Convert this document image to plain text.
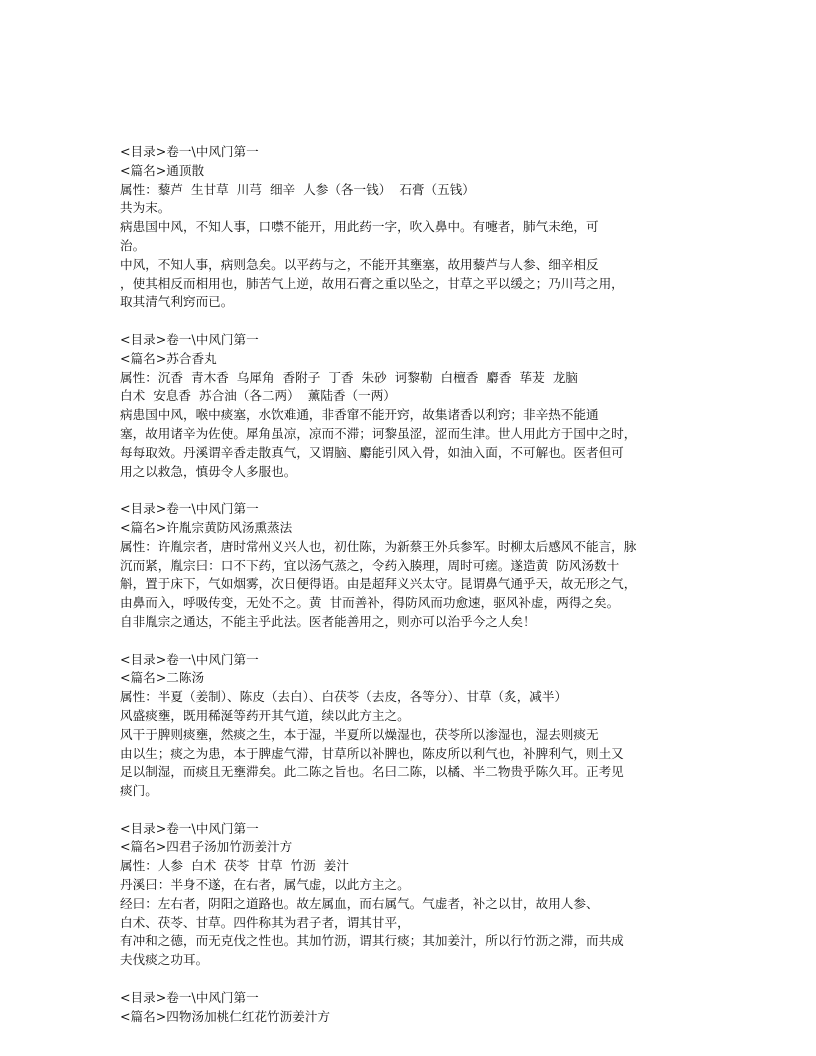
<目录>卷一\中风门第一
<篇名>通顶散
属性：藜芦  生甘草  川芎  细辛  人参（各一钱）  石膏（五钱）
共为末。
病患国中风，不知人事，口噤不能开，用此药一字，吹入鼻中。有嚏者，肺气未绝，可
治。
中风，不知人事，病则急矣。以平药与之，不能开其壅塞，故用藜芦与人参、细辛相反
，使其相反而相用也，肺苦气上逆，故用石膏之重以坠之，甘草之平以缓之；乃川芎之用，
取其清气利窍而已。
<目录>卷一\中风门第一
<篇名>苏合香丸
属性：沉香  青木香  乌犀角  香附子  丁香  朱砂  诃黎勒  白檀香  麝香  荜茇  龙脑
白术  安息香  苏合油（各二两）  薰陆香（一两）
病患国中风，喉中痰塞，水饮难通，非香窜不能开窍，故集诸香以利窍；非辛热不能通
塞，故用诸辛为佐使。犀角虽凉，凉而不滞；诃黎虽涩，涩而生津。世人用此方于国中之时，
每每取效。丹溪谓辛香走散真气，又谓脑、麝能引风入骨，如油入面，不可解也。医者但可
用之以救急，慎毋令人多服也。
<目录>卷一\中风门第一
<篇名>许胤宗黄防风汤熏蒸法
属性：许胤宗者，唐时常州义兴人也，初仕陈，为新蔡王外兵参军。时柳太后感风不能言，脉
沉而紧，胤宗曰：口不下药，宜以汤气蒸之，令药入腠理，周时可瘥。遂造黄  防风汤数十
斛，置于床下，气如烟雾，次日便得语。由是超拜义兴太守。昆谓鼻气通乎天，故无形之气，
由鼻而入，呼吸传变，无处不之。黄  甘而善补，得防风而功愈速，驱风补虚，两得之矣。
自非胤宗之通达，不能主乎此法。医者能善用之，则亦可以治乎今之人矣！
<目录>卷一\中风门第一
<篇名>二陈汤
属性：半夏（姜制）、陈皮（去白）、白茯苓（去皮，各等分）、甘草（炙，减半）
风盛痰壅，既用稀涎等药开其气道，续以此方主之。
风干于脾则痰壅，然痰之生，本于湿，半夏所以燥湿也，茯苓所以渗湿也，湿去则痰无
由以生；痰之为患，本于脾虚气滞，甘草所以补脾也，陈皮所以利气也，补脾利气，则土又
足以制湿，而痰且无壅滞矣。此二陈之旨也。名曰二陈，以橘、半二物贵乎陈久耳。正考见
痰门。
<目录>卷一\中风门第一
<篇名>四君子汤加竹沥姜汁方
属性：人参  白术  茯苓  甘草  竹沥  姜汁
丹溪曰：半身不遂，在右者，属气虚，以此方主之。
经曰：左右者，阴阳之道路也。故左属血，而右属气。气虚者，补之以甘，故用人参、
白术、茯苓、甘草。四件称其为君子者，谓其甘平，
有冲和之德，而无克伐之性也。其加竹沥，谓其行痰；其加姜汁，所以行竹沥之滞，而共成
夫伐痰之功耳。
<目录>卷一\中风门第一
<篇名>四物汤加桃仁红花竹沥姜汁方
